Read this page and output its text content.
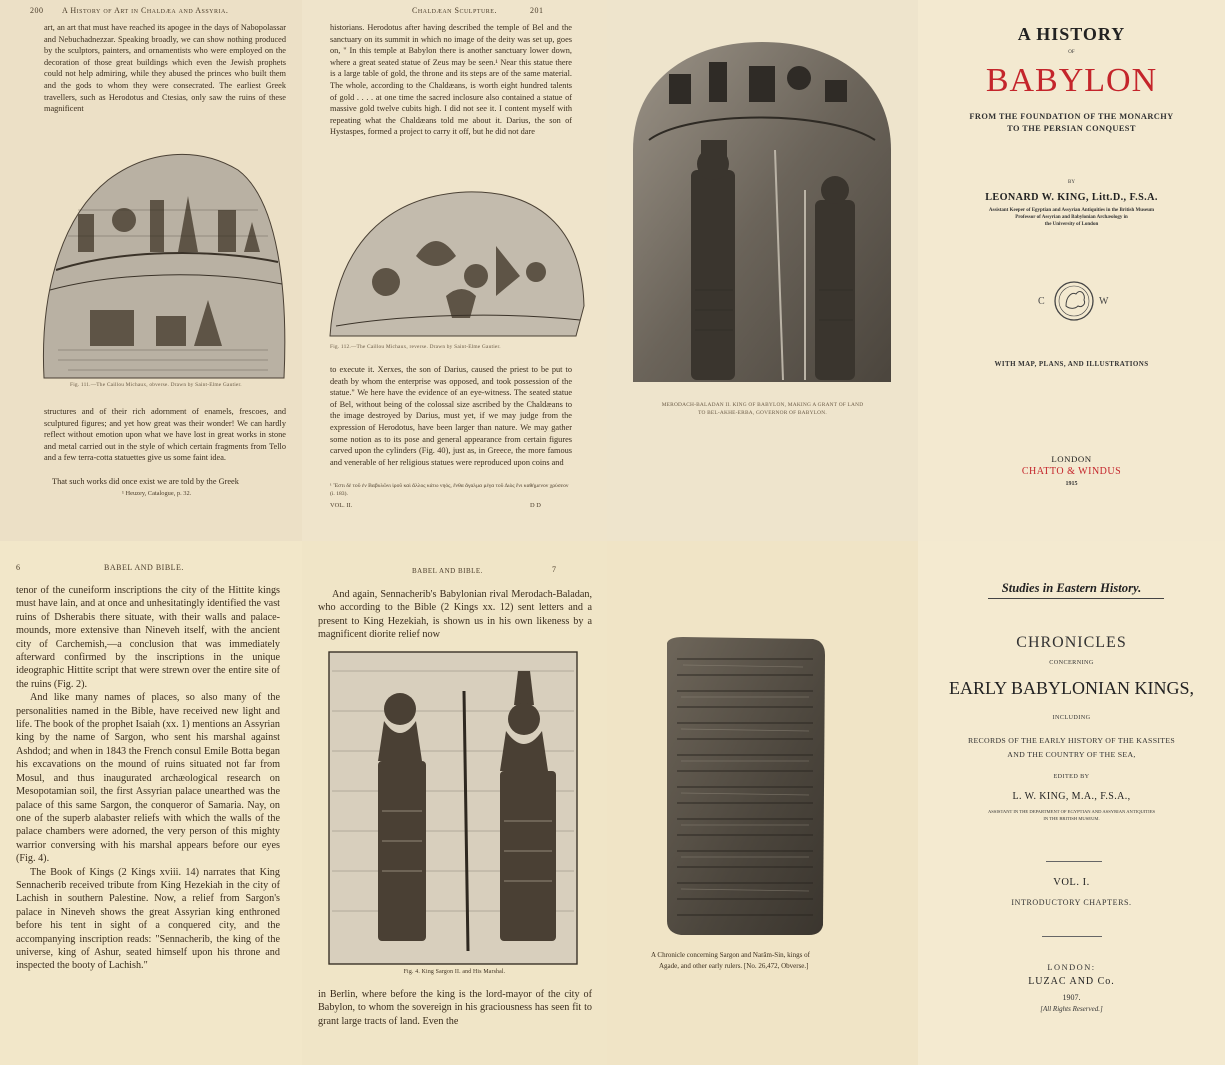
200 A History of Art in Chaldæa and Assyria.
art, an art that must have reached its apogee in the days of Nabopolassar and Nebuchadnezzar. Speaking broadly, we can show nothing produced by the sculptors, painters, and ornamentists who were employed on the decoration of those great buildings which even the Jewish prophets could not help admiring, while they abused the princes who built them and the gods to whom they were consecrated. The earliest Greek travellers, such as Herodotus and Ctesias, only saw the ruins of these magnificent
Fig. 111.—The Caillou Michaux, obverse. Drawn by Saint-Elme Gautier.
structures and of their rich adornment of enamels, frescoes, and sculptured figures; and yet how great was their wonder! We can hardly reflect without emotion upon what we have lost in great works in stone and metal carried out in the style of which certain fragments from Tello and a few terra-cotta statuettes give us some faint idea.
That such works did once exist we are told by the Greek
¹ Heuzey, Catalogue, p. 32.
Chaldæan Sculpture.	201
historians. Herodotus after having described the temple of Bel and the sanctuary on its summit in which no image of the deity was set up, goes on, " In this temple at Babylon there is another sanctuary lower down, where a great seated statue of Zeus may be seen.¹ Near this statue there is a large table of gold, the throne and its steps are of the same material. The whole, according to the Chaldæans, is worth eight hundred talents of gold . . . . at one time the sacred inclosure also contained a statue of massive gold twelve cubits high. I did not see it. I content myself with repeating what the Chaldæans told me about it. Darius, the son of Hystaspes, formed a project to carry it off, but he did not dare
Fig. 112.—The Caillou Michaux, reverse. Drawn by Saint-Elme Gautier.
to execute it. Xerxes, the son of Darius, caused the priest to be put to death by whom the enterprise was opposed, and took possession of the statue." We here have the evidence of an eye-witness. The seated statue of Bel, without being of the colossal size ascribed by the Chaldæans to the image destroyed by Darius, must yet, if we may judge from the expression of Herodotus, have been larger than nature. We may gather some notion as to its pose and general appearance from certain figures carved upon the cylinders (Fig. 40), just as, in Greece, the more famous and venerable of her religious statues were reproduced upon coins and
¹ Ἔστι δὲ τοῦ ἐν Βαβυλῶνι ἱροῦ καὶ ἄλλος κάτω νηός, ἔνθα ἄγαλμα μέγα τοῦ Διὸς ἔνι καθήμενον χρύσεον (i. 183).
VOL. II.	D D
MERODACH-BALADAN II. KING OF BABYLON, MAKING A GRANT OF LAND
TO BEL-AKHE-ERBA, GOVERNOR OF BABYLON.
A HISTORY
OF
BABYLON
FROM THE FOUNDATION OF THE MONARCHY
TO THE PERSIAN CONQUEST
BY
LEONARD W. KING, Litt.D., F.S.A.
Assistant Keeper of Egyptian and Assyrian Antiquities in the British Museum
Professor of Assyrian and Babylonian Archæology in
the University of London
C	W
WITH MAP, PLANS, AND ILLUSTRATIONS
LONDON
CHATTO & WINDUS
1915
6	BABEL AND BIBLE.

tenor of the cuneiform inscriptions the city of the Hittite kings must have lain, and at once and unhesitatingly identified the vast ruins of Dsherabis there situate, with their walls and palace-mounds, more extensive than Nineveh itself, with the ancient city of Carchemish,—a conclusion that was immediately afterward confirmed by the inscriptions in the unique ideographic Hittite script that were strewn over the entire site of the ruins (Fig. 2).

And like many names of places, so also many of the personalities named in the Bible, have received new light and life. The book of the prophet Isaiah (xx. 1) mentions an Assyrian king by the name of Sargon, who sent his marshal against Ashdod; and when in 1843 the French consul Emile Botta began his excavations on the mound of ruins situated not far from Mosul, and thus inaugurated archæological research on Mesopotamian soil, the first Assyrian palace unearthed was the palace of this same Sargon, the conqueror of Samaria. Nay, on one of the superb alabaster reliefs with which the walls of the palace chambers were adorned, the very person of this mighty warrior conversing with his marshal appears before our eyes (Fig. 4).

The Book of Kings (2 Kings xviii. 14) narrates that King Sennacherib received tribute from King Hezekiah in the city of Lachish in southern Palestine. Now, a relief from Sargon's palace in Nineveh shows the great Assyrian king enthroned before his tent in sight of a conquered city, and the accompanying inscription reads: "Sennacherib, the king of the universe, king of Ashur, seated himself upon his throne and inspected the booty of Lachish."

BABEL AND BIBLE.	7
And again, Sennacherib's Babylonian rival Merodach-Baladan, who according to the Bible (2 Kings xx. 12) sent letters and a present to King Hezekiah, is shown us in his own likeness by a magnificent diorite relief now
Fig. 4. King Sargon II. and His Marshal.
in Berlin, where before the king is the lord-mayor of the city of Babylon, to whom the sovereign in his graciousness has seen fit to grant large tracts of land. Even the
A Chronicle concerning Sargon and Narâm-Sin, kings of
Agade, and other early rulers. [No. 26,472, Obverse.]
Studies in Eastern History.
CHRONICLES
CONCERNING
EARLY BABYLONIAN KINGS,
INCLUDING
RECORDS OF THE EARLY HISTORY OF THE KASSITES
AND THE COUNTRY OF THE SEA,
EDITED BY
L. W. KING, M.A., F.S.A.,
ASSISTANT IN THE DEPARTMENT OF EGYPTIAN AND ASSYRIAN ANTIQUITIES
IN THE BRITISH MUSEUM.
VOL. I.
INTRODUCTORY CHAPTERS.
LONDON:
LUZAC AND Co.
1907.
[All Rights Reserved.]
